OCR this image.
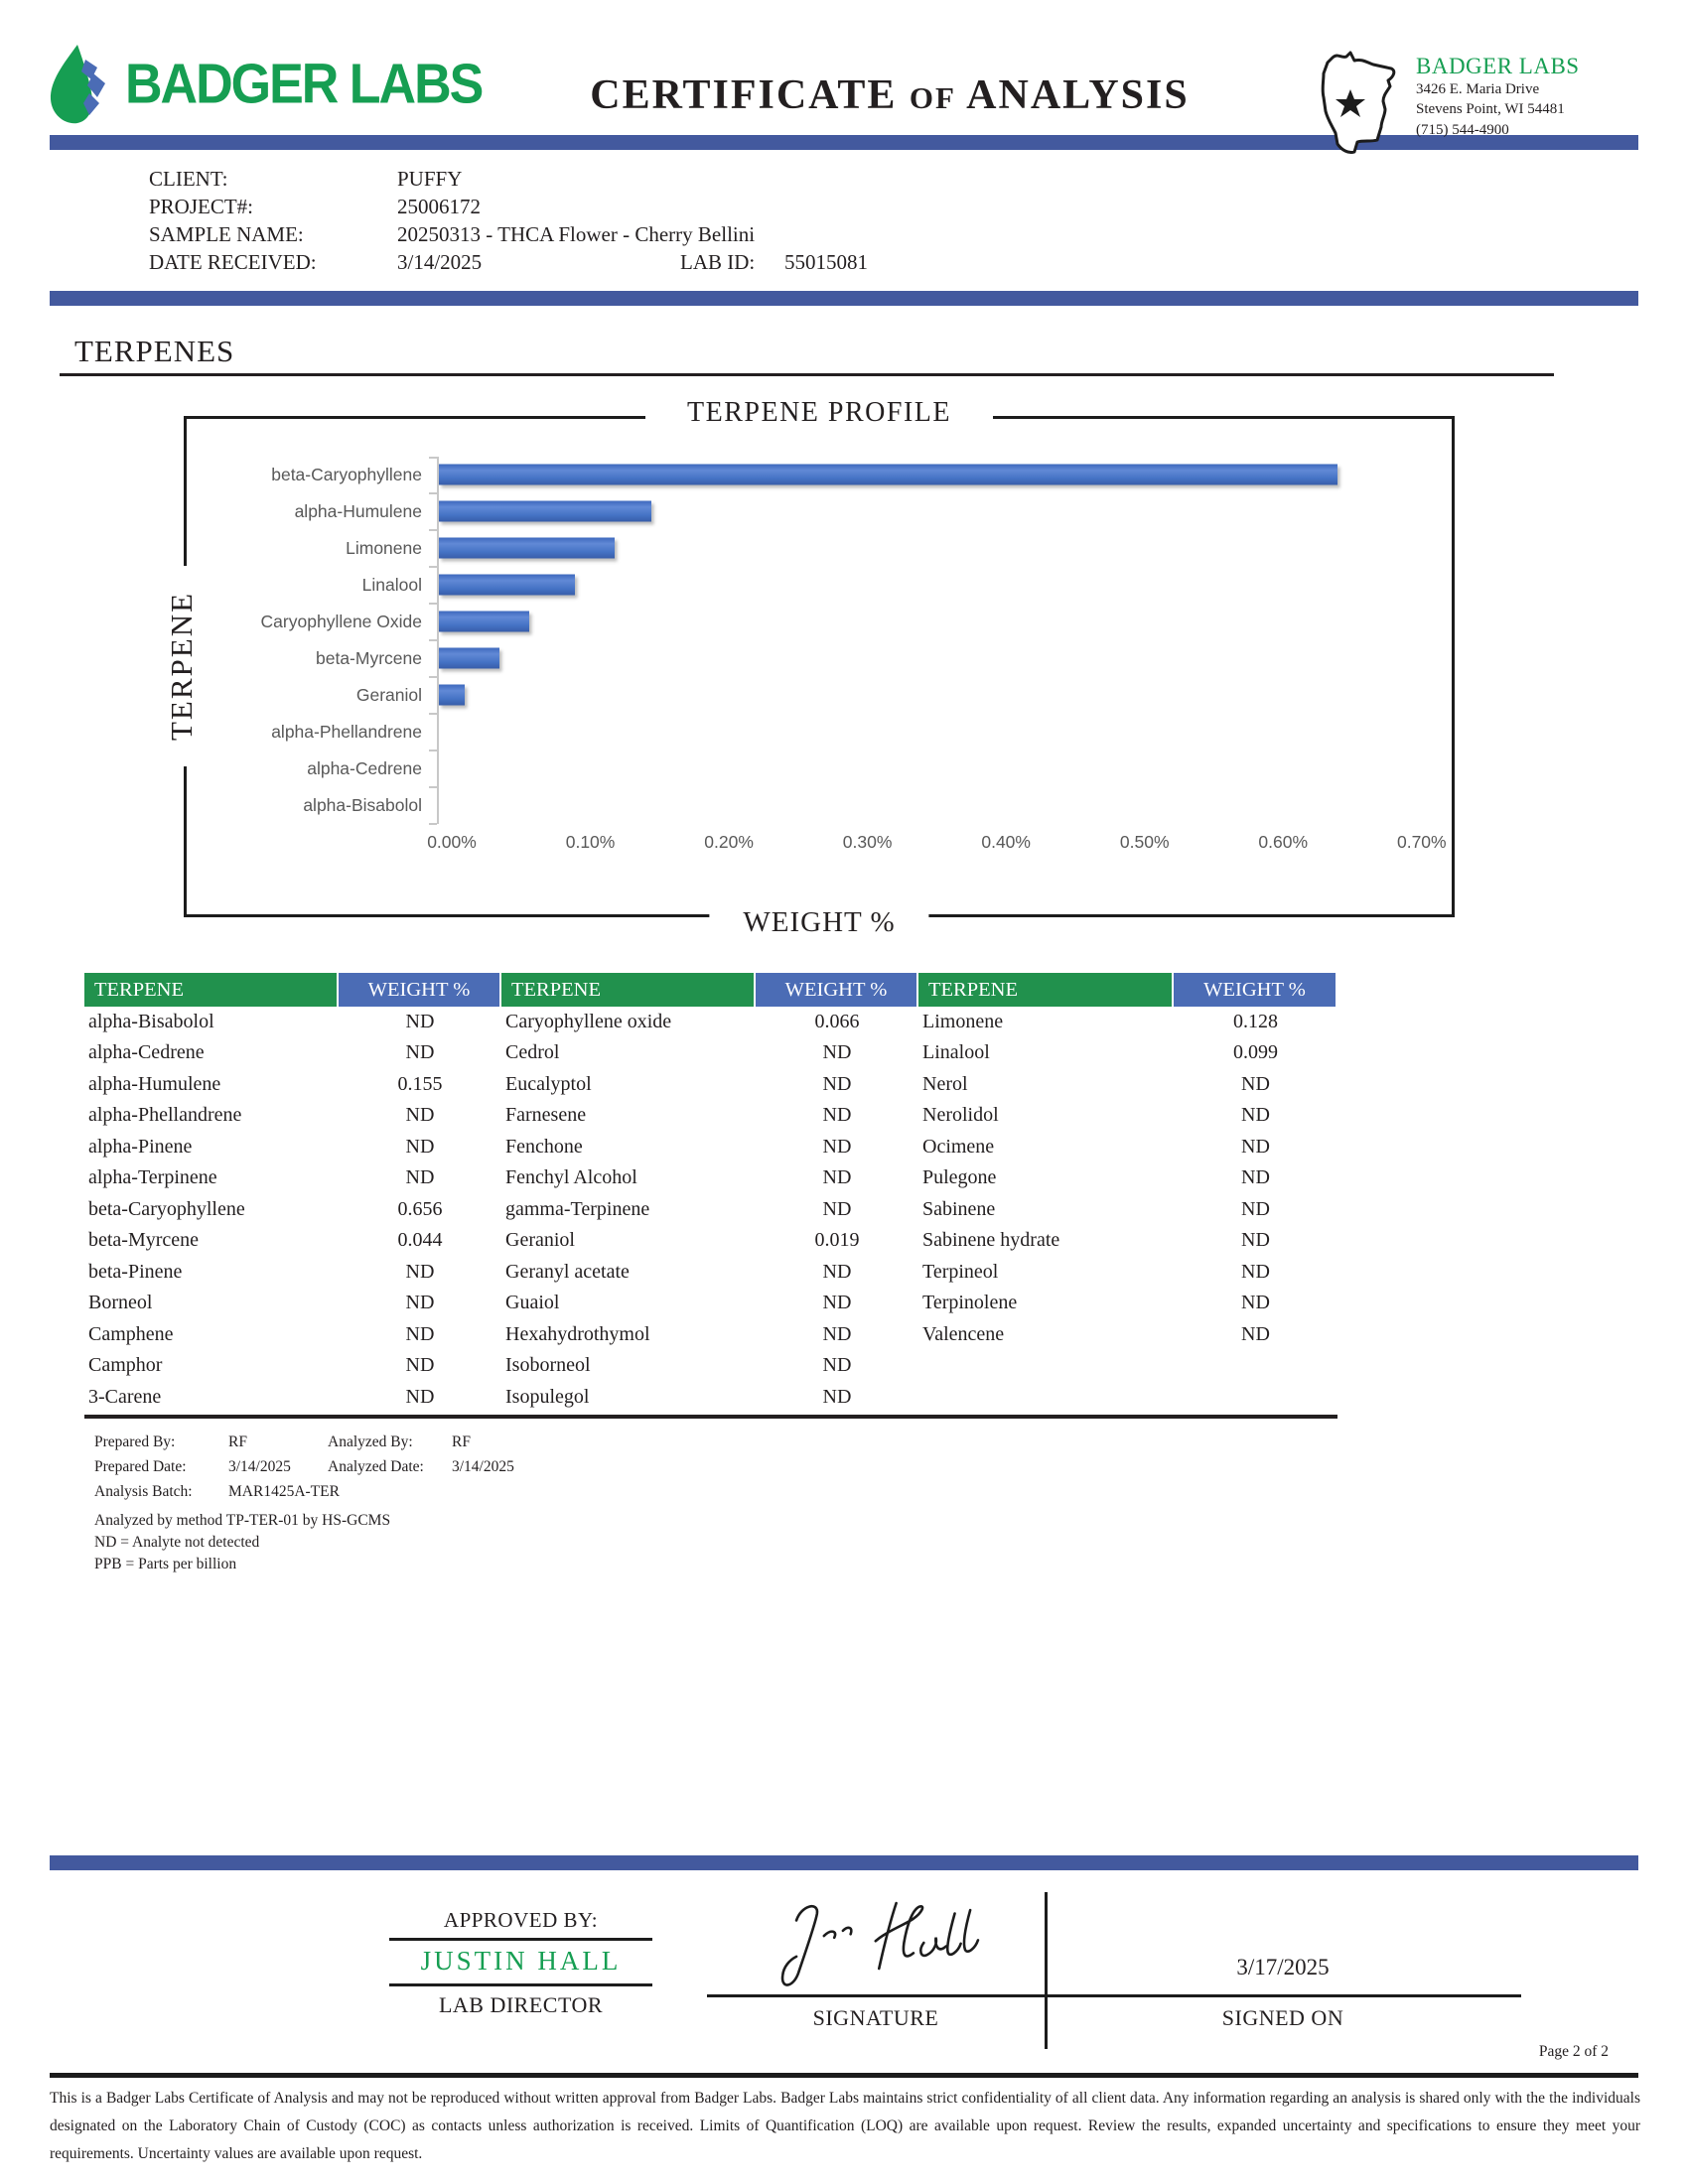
BADGER LABS	CERTIFICATE OF ANALYSIS
BADGER LABS
3426 E. Maria Drive
Stevens Point, WI 54481
(715) 544-4900
CLIENT:	PUFFY
PROJECT#:	25006172
SAMPLE NAME:	20250313 - THCA Flower - Cherry Bellini
DATE RECEIVED:	3/14/2025	LAB ID: 55015081
TERPENES
TERPENE PROFILE
TERPENE
WEIGHT %
beta-Caryophyllene
alpha-Humulene
Limonene
Linalool
Caryophyllene Oxide
beta-Myrcene
Geraniol
alpha-Phellandrene
alpha-Cedrene
alpha-Bisabolol
0.00%	0.10%	0.20%	0.30%	0.40%	0.50%	0.60%	0.70%
TERPENE	WEIGHT %	TERPENE	WEIGHT %	TERPENE	WEIGHT %
alpha-Bisabolol	ND	Caryophyllene oxide	0.066	Limonene	0.128
alpha-Cedrene	ND	Cedrol	ND	Linalool	0.099
alpha-Humulene	0.155	Eucalyptol	ND	Nerol	ND
alpha-Phellandrene	ND	Farnesene	ND	Nerolidol	ND
alpha-Pinene	ND	Fenchone	ND	Ocimene	ND
alpha-Terpinene	ND	Fenchyl Alcohol	ND	Pulegone	ND
beta-Caryophyllene	0.656	gamma-Terpinene	ND	Sabinene	ND
beta-Myrcene	0.044	Geraniol	0.019	Sabinene hydrate	ND
beta-Pinene	ND	Geranyl acetate	ND	Terpineol	ND
Borneol	ND	Guaiol	ND	Terpinolene	ND
Camphene	ND	Hexahydrothymol	ND	Valencene	ND
Camphor	ND	Isoborneol	ND
3-Carene	ND	Isopulegol	ND
Prepared By:	RF	Analyzed By:	RF
Prepared Date:	3/14/2025	Analyzed Date:	3/14/2025
Analysis Batch:	MAR1425A-TER
Analyzed by method TP-TER-01 by HS-GCMS
ND = Analyte not detected
PPB = Parts per billion
APPROVED BY:
JUSTIN HALL
LAB DIRECTOR
3/17/2025
SIGNATURE	SIGNED ON
Page 2 of 2
This is a Badger Labs Certificate of Analysis and may not be reproduced without written approval from Badger Labs. Badger Labs maintains strict confidentiality of all client data. Any information regarding an analysis is shared only with the the individuals designated on the Laboratory Chain of Custody (COC) as contacts unless authorization is received. Limits of Quantification (LOQ) are available upon request. Review the results, expanded uncertainty and specifications to ensure they meet your requirements. Uncertainty values are available upon request.
